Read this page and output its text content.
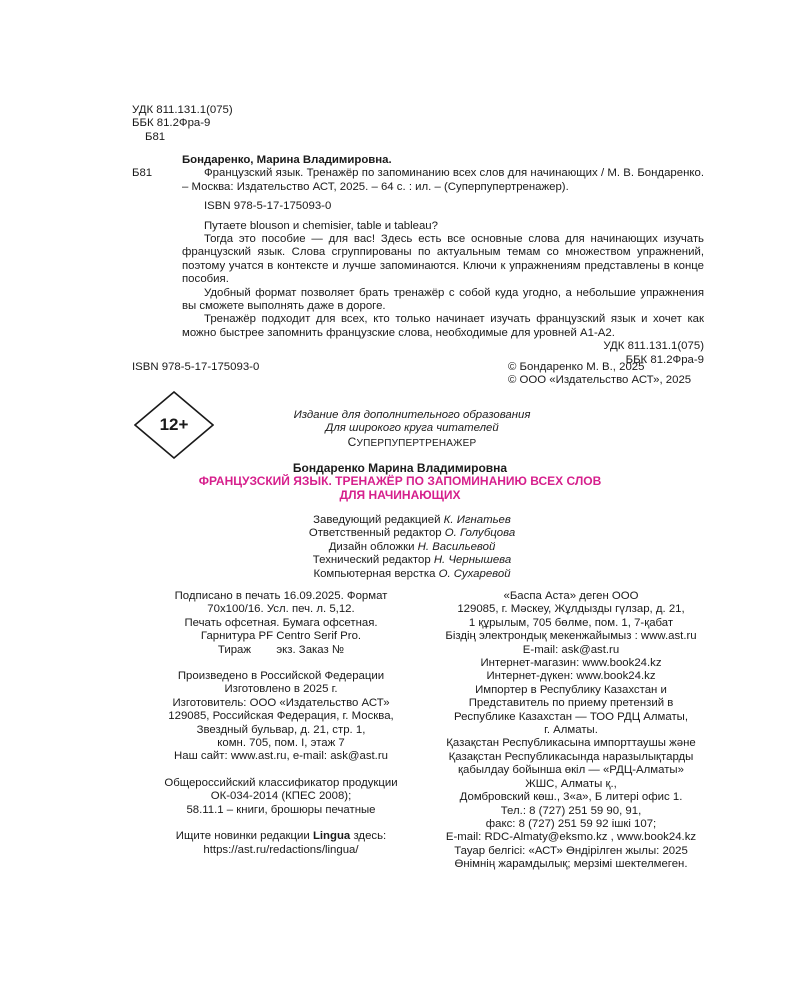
УДК 811.131.1(075)
ББК 81.2Фра-9
Б81
Б81

Бондаренко, Марина Владимировна.

Французский язык. Тренажёр по запоминанию всех слов для начинающих / М. В. Бондаренко. – Москва: Издательство АСТ, 2025. – 64 с. : ил. – (Суперпупертренажер).

ISBN 978-5-17-175093-0

Путаете blouson и chemisier, table и tableau?

Тогда это пособие — для вас! Здесь есть все основные слова для начинающих изучать французский язык. Слова сгруппированы по актуальным темам со множеством упражнений, поэтому учатся в контексте и лучше запоминаются. Ключи к упражнениям представлены в конце пособия.

Удобный формат позволяет брать тренажёр с собой куда угодно, а небольшие упражнения вы сможете выполнять даже в дороге.

Тренажёр подходит для всех, кто только начинает изучать французский язык и хочет как можно быстрее запомнить французские слова, необходимые для уровней А1-А2.

УДК 811.131.1(075)

ББК 81.2Фра-9

ISBN 978-5-17-175093-0	© Бондаренко М. В., 2025
© ООО «Издательство АСТ», 2025
12+
Издание для дополнительного образования
Для широкого круга читателей
СУПЕРПУПЕРТРЕНАЖЕР
Бондаренко Марина Владимировна
ФРАНЦУЗСКИЙ ЯЗЫК. ТРЕНАЖЁР ПО ЗАПОМИНАНИЮ ВСЕХ СЛОВ
ДЛЯ НАЧИНАЮЩИХ
Заведующий редакцией К. Игнатьев
Ответственный редактор О. Голубцова
Дизайн обложки Н. Васильевой
Технический редактор Н. Чернышева
Компьютерная верстка О. Сухаревой

Подписано в печать 16.09.2025. Формат

70x100/16. Усл. печ. л. 5,12.

Печать офсетная. Бумага офсетная.

Гарнитура PF Centro Serif Pro.

Тираж        экз. Заказ №

Произведено в Российской Федерации

Изготовлено в 2025 г.

Изготовитель: ООО «Издательство АСТ»

129085, Российская Федерация, г. Москва,

Звездный бульвар, д. 21, стр. 1,

комн. 705, пом. I, этаж 7

Наш сайт: www.ast.ru, e-mail: ask@ast.ru

Общероссийский классификатор продукции

ОК-034-2014 (КПЕС 2008);

58.11.1 – книги, брошюры печатные

Ищите новинки редакции Lingua здесь:

https://ast.ru/redactions/lingua/

«Баспа Аста» деген ООО

129085, г. Мәскеу, Жұлдызды гүлзар, д. 21,

1 құрылым, 705 бөлме, пом. 1, 7-қабат

Біздің электрондық мекенжайымыз : www.ast.ru

E-mail: ask@ast.ru

Интернет-магазин: www.book24.kz

Интернет-дүкен: www.book24.kz

Импортер в Республику Казахстан и

Представитель по приему претензий в

Республике Казахстан — ТОО РДЦ Алматы,

г. Алматы.

Қазақстан Республикасына импорттаушы және

Қазақстан Республикасында наразылықтарды

қабылдау бойынша өкіл — «РДЦ-Алматы»

ЖШС, Алматы қ.,

Домбровский көш., 3«а», Б литері офис 1.

Тел.: 8 (727) 251 59 90, 91,

факс: 8 (727) 251 59 92 ішкі 107;

E-mail: RDC-Almaty@eksmo.kz , www.book24.kz

Тауар белгісі: «АСТ» Өндірілген жылы: 2025

Өнімнің жарамдылық; мерзімі шектелмеген.
